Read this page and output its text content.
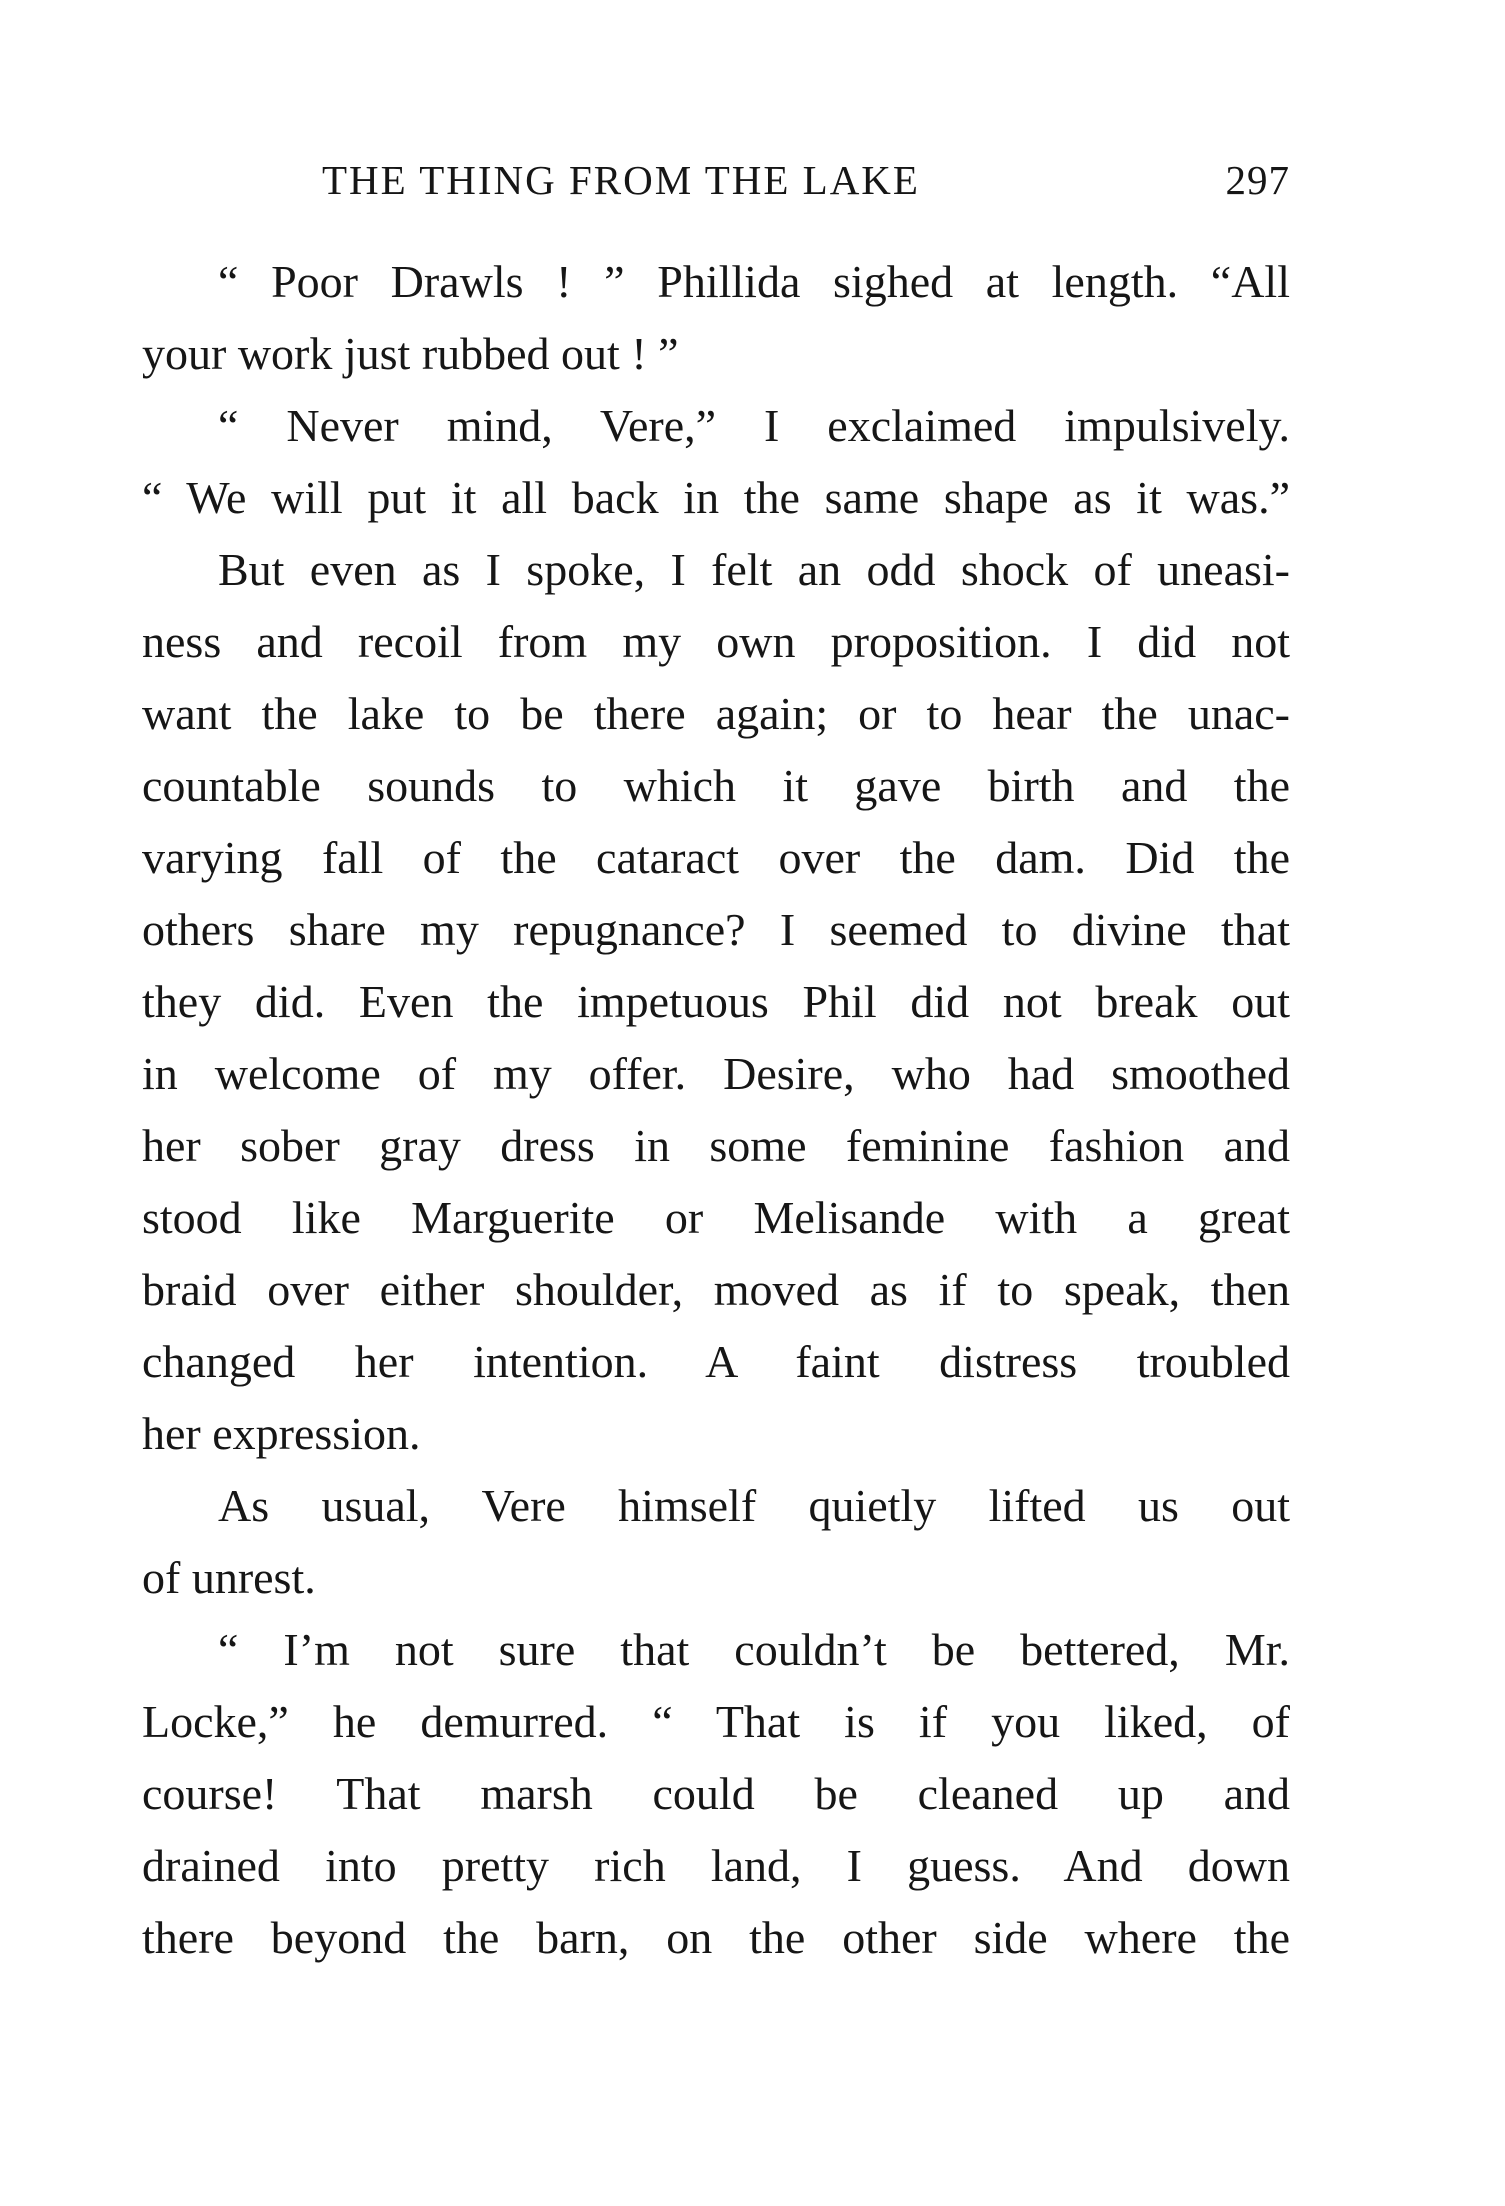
THE THING FROM THE LAKE	297
“ Poor Drawls ! ” Phillida sighed at length. “All
your work just rubbed out ! ”
“ Never mind, Vere,” I exclaimed impulsively.
“ We will put it all back in the same shape as it was.”
But even as I spoke, I felt an odd shock of uneasi-
ness and recoil from my own proposition. I did not
want the lake to be there again; or to hear the unac-
countable sounds to which it gave birth and the
varying fall of the cataract over the dam. Did the
others share my repugnance? I seemed to divine that
they did. Even the impetuous Phil did not break out
in welcome of my offer. Desire, who had smoothed
her sober gray dress in some feminine fashion and
stood like Marguerite or Melisande with a great
braid over either shoulder, moved as if to speak, then
changed her intention. A faint distress troubled
her expression.
As usual, Vere himself quietly lifted us out
of unrest.
“ I’m not sure that couldn’t be bettered, Mr.
Locke,” he demurred. “ That is if you liked, of
course! That marsh could be cleaned up and
drained into pretty rich land, I guess. And down
there beyond the barn, on the other side where the
